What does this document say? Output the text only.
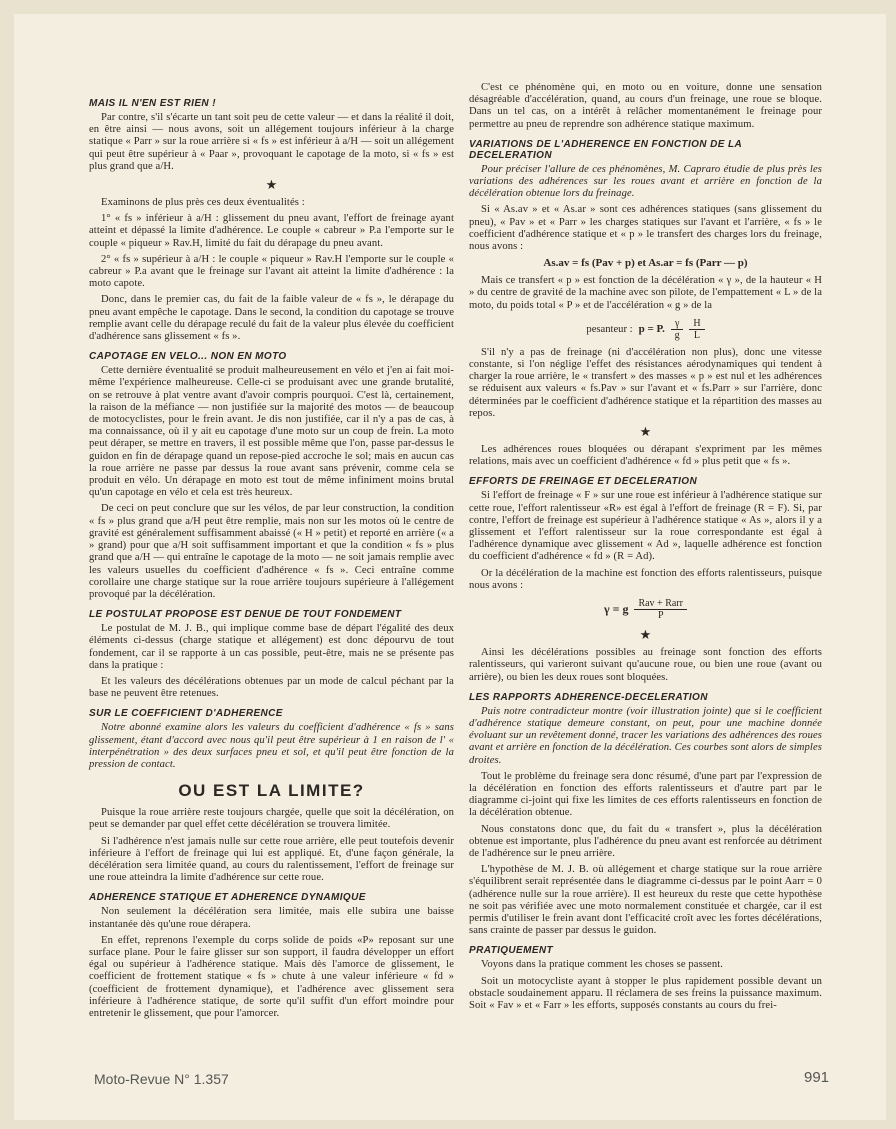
MAIS IL N'EN EST RIEN !

Par contre, s'il s'écarte un tant soit peu de cette valeur — et dans la réalité il doit, en être ainsi — nous avons, soit un allégement toujours inférieur à la charge statique « Parr » sur la roue arrière si « fs » est inférieur à a/H — soit un allégement qui peut être supérieur à « Paar », provoquant le capotage de la moto, si « fs » est plus grand que a/H.

★

Examinons de plus près ces deux éventualités :

1° « fs » inférieur à a/H : glissement du pneu avant, l'effort de freinage ayant atteint et dépassé la limite d'adhérence. Le couple « cabreur » P.a l'emporte sur le couple « piqueur » Rav.H, limité du fait du dérapage du pneu avant.

2° « fs » supérieur à a/H : le couple « piqueur » Rav.H l'emporte sur le couple « cabreur » P.a avant que le freinage sur l'avant ait atteint la limite d'adhérence : la moto capote.

Donc, dans le premier cas, du fait de la faible valeur de « fs », le dérapage du pneu avant empêche le capotage. Dans le second, la condition du capotage se trouve remplie avant celle du dérapage reculé du fait de la valeur plus élevée du coefficient d'adhérence sans glissement « fs ».

CAPOTAGE EN VELO... NON EN MOTO

Cette dernière éventualité se produit malheureusement en vélo et j'en ai fait moi-même l'expérience malheureuse. Celle-ci se produisant avec une grande brutalité, on se retrouve à plat ventre avant d'avoir compris pourquoi. C'est là, certainement, la raison de la méfiance — non justifiée sur la majorité des motos — de beaucoup de motocyclistes, pour le frein avant. Je dis non justifiée, car il n'y a pas de cas, à ma connaissance, où il y ait eu capotage d'une moto sur un coup de frein. La moto peut déraper, se mettre en travers, il est possible même que l'on, passe par-dessus le guidon en fin de dérapage quand un repose-pied accroche le sol; mais en aucun cas la roue arrière ne passe par dessus la roue avant sans prévenir, comme cela se produit en vélo. Un dérapage en moto est tout de même infiniment moins brutal qu'un capotage en vélo et cela est très heureux.

De ceci on peut conclure que sur les vélos, de par leur construction, la condition « fs » plus grand que a/H peut être remplie, mais non sur les motos où le centre de gravité est généralement suffisamment abaissé (« H » petit) et reporté en arrière (« a » grand) pour que a/H soit suffisamment important et que la condition « fs » plus grand que a/H — qui entraîne le capotage de la moto — ne soit jamais remplie avec les valeurs usuelles du coefficient d'adhérence « fs ». Ceci entraîne comme corollaire une charge statique sur la roue arrière toujours supérieure à l'allégement provoqué par la décélération.

LE POSTULAT PROPOSE EST DENUE DE TOUT FONDEMENT

Le postulat de M. J. B., qui implique comme base de départ l'égalité des deux éléments ci-dessus (charge statique et allégement) est donc dépourvu de tout fondement, car il se rapporte à un cas possible, peut-être, mais ne se présente pas dans la pratique :

Et les valeurs des décélérations obtenues par un mode de calcul péchant par la base ne peuvent être retenues.

SUR LE COEFFICIENT D'ADHERENCE

Notre abonné examine alors les valeurs du coefficient d'adhérence « fs » sans glissement, étant d'accord avec nous qu'il peut être supérieur à 1 en raison de l' « interpénétration » des deux surfaces pneu et sol, et qu'il peut être fonction de la pression de contact.

OU EST LA LIMITE?

Puisque la roue arrière reste toujours chargée, quelle que soit la décélération, on peut se demander par quel effet cette décélération se trouvera limitée.

Si l'adhérence n'est jamais nulle sur cette roue arrière, elle peut toutefois devenir inférieure à l'effort de freinage qui lui est appliqué. Et, d'une façon générale, la décélération sera limitée quand, au cours du ralentissement, l'effort de freinage sur une roue atteindra la limite d'adhérence sur cette roue.

ADHERENCE STATIQUE ET ADHERENCE DYNAMIQUE

Non seulement la décélération sera limitée, mais elle subira une baisse instantanée dès qu'une roue dérapera.

En effet, reprenons l'exemple du corps solide de poids «P» reposant sur une surface plane. Pour le faire glisser sur son support, il faudra développer un effort égal ou supérieur à l'adhérence statique. Mais dès l'amorce de glissement, le coefficient de frottement statique « fs » chute à une valeur inférieure « fd » (coefficient de frottement dynamique), et l'adhérence avec glissement sera inférieure à l'adhérence statique, de sorte qu'il suffit d'un effort moindre pour entretenir le glissement, que pour l'amorcer.

C'est ce phénomène qui, en moto ou en voiture, donne une sensation désagréable d'accélération, quand, au cours d'un freinage, une roue se bloque. Dans un tel cas, on a intérêt à relâcher momentanément le freinage pour permettre au pneu de reprendre son adhérence statique maximum.

VARIATIONS DE L'ADHERENCE EN FONCTION DE LA DECELERATION

Pour préciser l'allure de ces phénomènes, M. Capraro étudie de plus près les variations des adhérences sur les roues avant et arrière en fonction de la décélération obtenue lors du freinage.

Si « As.av » et « As.ar » sont ces adhérences statiques (sans glissement du pneu), « Pav » et « Parr » les charges statiques sur l'avant et l'arrière, « fs » le coefficient d'adhérence statique et « p » le transfert des charges lors du freinage, nous avons :

As.av = fs (Pav + p) et As.ar = fs (Parr — p)

Mais ce transfert « p » est fonction de la décélération « γ », de la hauteur « H » du centre de gravité de la machine avec son pilote, de l'empattement « L » de la moto, du poids total « P » et de l'accélération « g » de la

pesanteur : p = P. $\frac{\gamma}{g} \frac{H}{L}$

S'il n'y a pas de freinage (ni d'accélération non plus), donc une vitesse constante, si l'on néglige l'effet des résistances aérodynamiques qui tendent à charger la roue arrière, le « transfert » des masses « p » est nul et les adhérences se réduisent aux valeurs « fs.Pav » sur l'avant et « fs.Parr » sur l'arrière, donc déterminées par le coefficient d'adhérence statique et la répartition des masses au repos.

★

Les adhérences roues bloquées ou dérapant s'expriment par les mêmes relations, mais avec un coefficient d'adhérence « fd » plus petit que « fs ».

EFFORTS DE FREINAGE ET DECELERATION

Si l'effort de freinage « F » sur une roue est inférieur à l'adhérence statique sur cette roue, l'effort ralentisseur «R» est égal à l'effort de freinage (R = F). Si, par contre, l'effort de freinage est supérieur à l'adhérence statique « As », alors il y a glissement et l'effort ralentisseur sur la roue correspondante est égal à l'adhérence dynamique avec glissement « Ad », laquelle adhérence est fonction du coefficient d'adhérence « fd » (R = Ad).

Or la décélération de la machine est fonction des efforts ralentisseurs, puisque nous avons :

γ = g $\frac{\text{Rav + Rarr}}{P}$
★

Ainsi les décélérations possibles au freinage sont fonction des efforts ralentisseurs, qui varieront suivant qu'aucune roue, ou bien une roue (avant ou arrière), ou bien les deux roues sont bloquées.

LES RAPPORTS ADHERENCE-DECELERATION

Puis notre contradicteur montre (voir illustration jointe) que si le coefficient d'adhérence statique demeure constant, on peut, pour une machine donnée évoluant sur un revêtement donné, tracer les variations des adhérences des roues avant et arrière en fonction de la décélération. Ces courbes sont alors de simples droites.

Tout le problème du freinage sera donc résumé, d'une part par l'expression de la décélération en fonction des efforts ralentisseurs et d'autre part par le diagramme ci-joint qui fixe les limites de ces efforts ralentisseurs en fonction de la décélération obtenue.

Nous constatons donc que, du fait du « transfert », plus la décélération obtenue est importante, plus l'adhérence du pneu avant est renforcée au détriment de l'adhérence sur le pneu arrière.

L'hypothèse de M. J. B. où allégement et charge statique sur la roue arrière s'équilibrent serait représentée dans le diagramme ci-dessus par le point Aarr = 0 (adhérence nulle sur la roue arrière). Il est heureux du reste que cette hypothèse ne soit pas vérifiée avec une moto normalement constituée et chargée, car il est permis d'utiliser le frein avant dont l'efficacité croît avec les fortes décélérations, sans crainte de passer par dessus le guidon.

PRATIQUEMENT

Voyons dans la pratique comment les choses se passent.

Soit un motocycliste ayant à stopper le plus rapidement possible devant un obstacle soudainement apparu. Il réclamera de ses freins la puissance maximum. Soit « Fav » et « Farr » les efforts, supposés constants au cours du frei-

Moto-Revue N° 1.357	991
